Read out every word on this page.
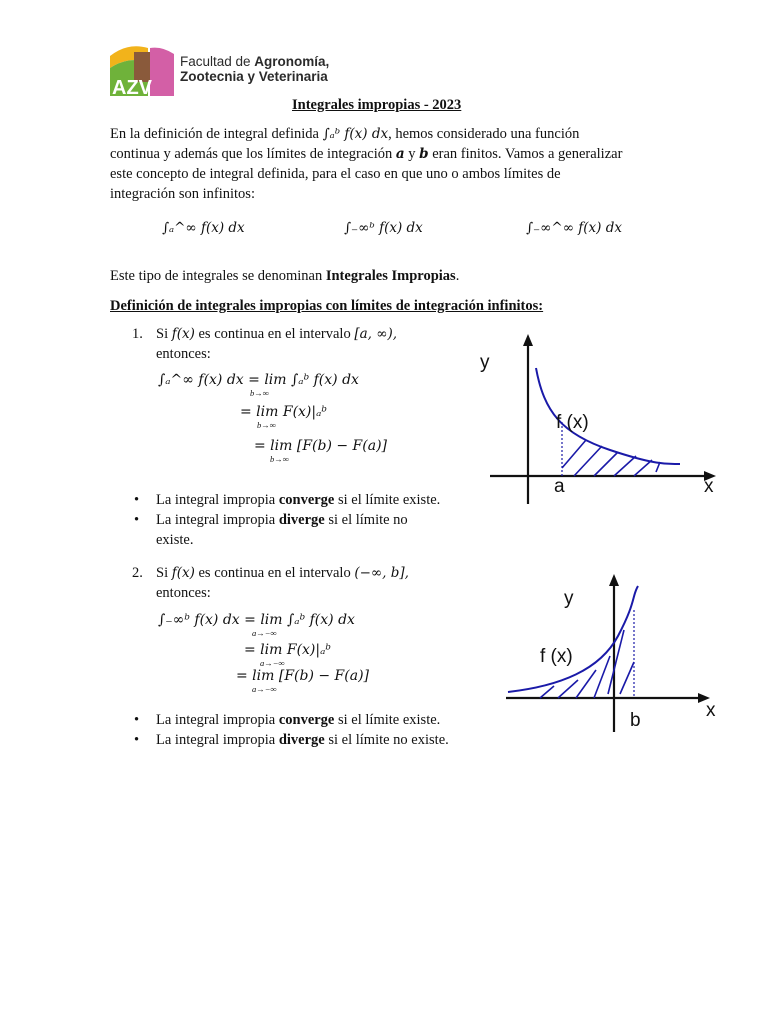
AZV
Facultad de Agronomía,
Zootecnia y Veterinaria
Integrales impropias - 2023
En la definición de integral definida ∫ₐᵇ f(x) dx, hemos considerado una función
continua y además que los límites de integración a y b eran finitos. Vamos a generalizar
este concepto de integral definida, para el caso en que uno o ambos límites de
integración son infinitos:
∫ₐ^∞ f(x) dx	∫₋∞ᵇ f(x) dx	∫₋∞^∞ f(x) dx
Este tipo de integrales se denominan Integrales Impropias.
Definición de integrales impropias con límites de integración infinitos:
1. Si f(x) es continua en el intervalo [a, ∞),
entonces:
∫ₐ^∞ f(x) dx = lim ∫ₐᵇ f(x) dx
b→∞
= lim F(x)|ₐᵇ
b→∞
= lim [F(b) − F(a)]
b→∞
• La integral impropia converge si el límite existe.
• La integral impropia diverge si el límite no
existe.
y
f (x)
a	x
2. Si f(x) es continua en el intervalo (−∞, b],
entonces:
∫₋∞ᵇ f(x) dx = lim ∫ₐᵇ f(x) dx
a→−∞
= lim F(x)|ₐᵇ
a→−∞
= lim [F(b) − F(a)]
a→−∞
• La integral impropia converge si el límite existe.
• La integral impropia diverge si el límite no existe.
y
f (x)
b	x
